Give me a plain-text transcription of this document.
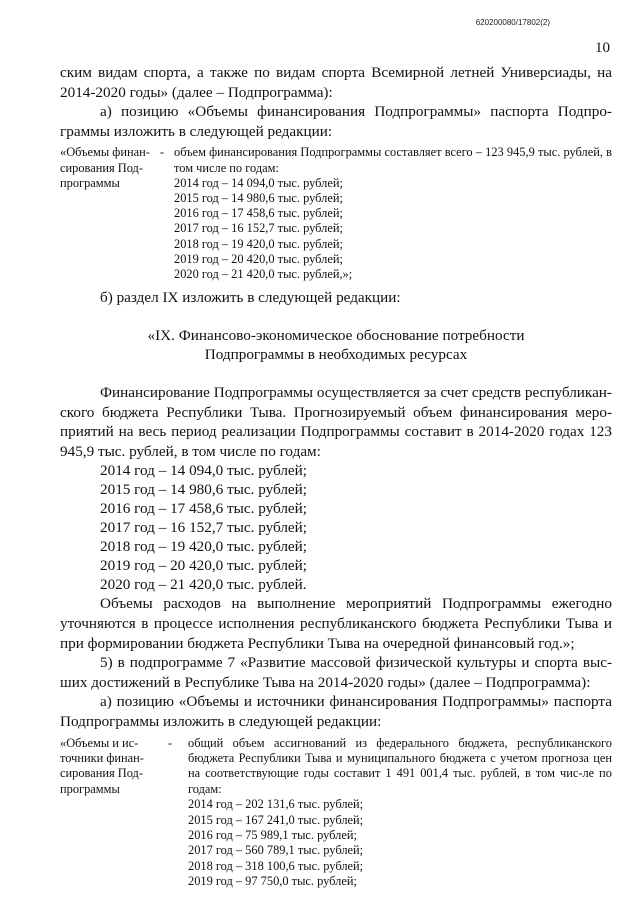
620200080/17802(2)
10

ским видам спорта, а также по видам спорта Всемирной летней Универсиады, на 2014-2020 годы» (далее – Подпрограмма):

а) позицию «Объемы финансирования Подпрограммы» паспорта Подпро-граммы изложить в следующей редакции:

«Объемы финан-сирования Под-программы
- объем финансирования Подпрограммы составляет всего – 123 945,9 тыс. рублей, в том числе по годам:
2014 год – 14 094,0 тыс. рублей;
2015 год – 14 980,6 тыс. рублей;
2016 год – 17 458,6 тыс. рублей;
2017 год – 16 152,7 тыс. рублей;
2018 год – 19 420,0 тыс. рублей;
2019 год – 20 420,0 тыс. рублей;
2020 год – 21 420,0 тыс. рублей,»;

б) раздел IX изложить в следующей редакции:

«IX. Финансово-экономическое обоснование потребности

Подпрограммы в необходимых ресурсах

Финансирование Подпрограммы осуществляется за счет средств республикан-ского бюджета Республики Тыва. Прогнозируемый объем финансирования меро-приятий на весь период реализации Подпрограммы составит в 2014-2020 годах 123 945,9 тыс. рублей, в том числе по годам:

2014 год – 14 094,0 тыс. рублей;
2015 год – 14 980,6 тыс. рублей;
2016 год – 17 458,6 тыс. рублей;
2017 год – 16 152,7 тыс. рублей;
2018 год – 19 420,0 тыс. рублей;
2019 год – 20 420,0 тыс. рублей;
2020 год – 21 420,0 тыс. рублей.

Объемы расходов на выполнение мероприятий Подпрограммы ежегодно уточняются в процессе исполнения республиканского бюджета Республики Тыва и при формировании бюджета Республики Тыва на очередной финансовый год.»;

5) в подпрограмме 7 «Развитие массовой физической культуры и спорта выс-ших достижений в Республике Тыва на 2014-2020 годы» (далее – Подпрограмма):

а) позицию «Объемы и источники финансирования Подпрограммы» паспорта Подпрограммы изложить в следующей редакции:

«Объемы и ис-точники финан-сирования Под-программы
-	общий объем ассигнований из федерального бюджета, республиканского бюджета Республики Тыва и муниципального бюджета с учетом прогноза цен на соответствующие годы составит 1 491 001,4 тыс. рублей, в том чис-ле по годам:
2014 год – 202 131,6 тыс. рублей;
2015 год – 167 241,0 тыс. рублей;
2016 год – 75 989,1 тыс. рублей;
2017 год – 560 789,1 тыс. рублей;
2018 год – 318 100,6 тыс. рублей;
2019 год – 97 750,0 тыс. рублей;
